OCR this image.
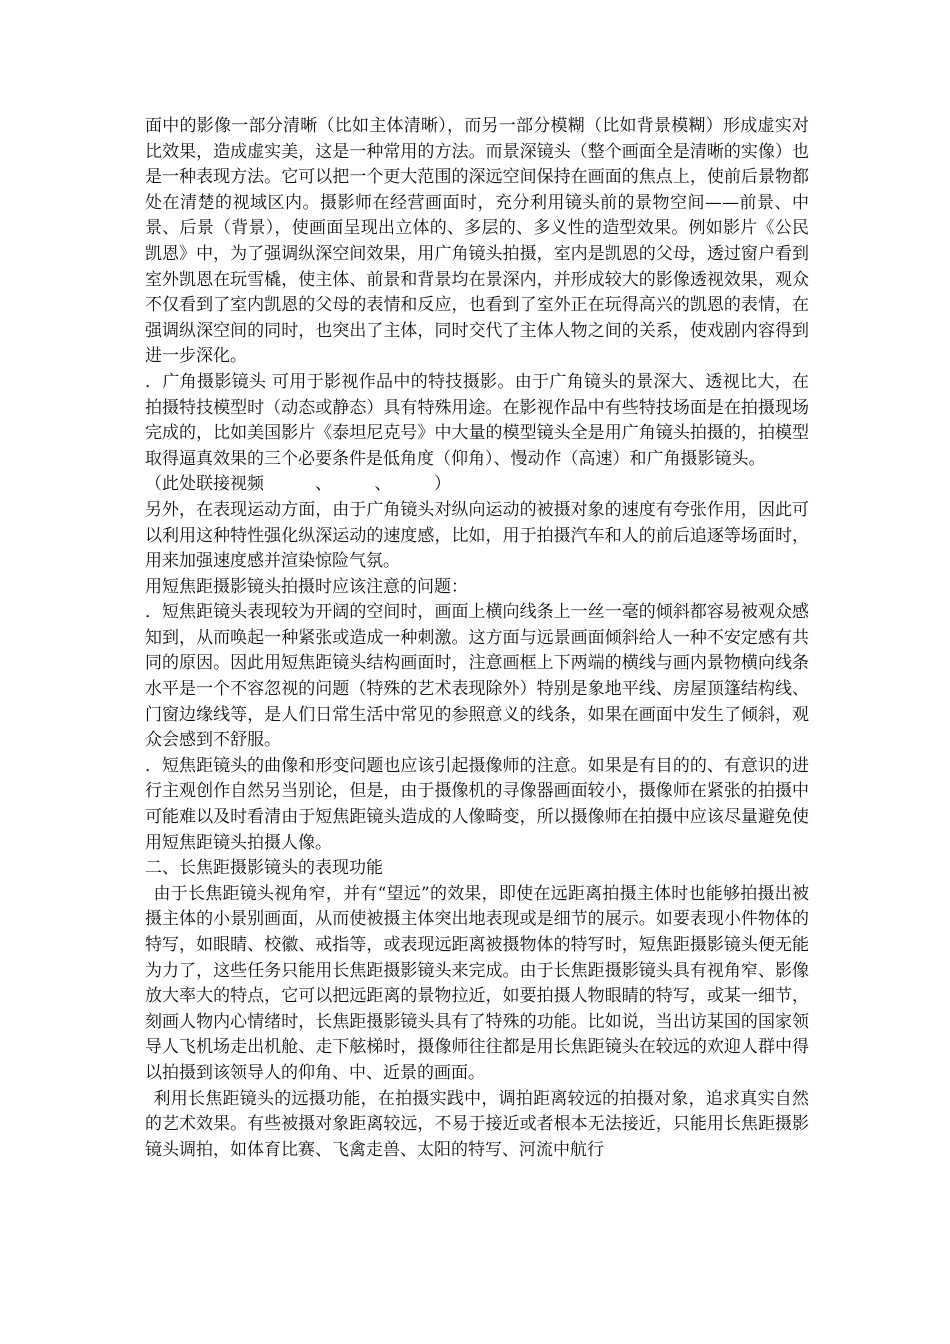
面中的影像一部分清晰（比如主体清晰），而另一部分模糊（比如背景模糊）形成虚实对比效果，造成虚实美，这是一种常用的方法。而景深镜头（整个画面全是清晰的实像）也是一种表现方法。它可以把一个更大范围的深远空间保持在画面的焦点上，使前后景物都处在清楚的视域区内。摄影师在经营画面时，充分利用镜头前的景物空间——前景、中景、后景（背景），使画面呈现出立体的、多层的、多义性的造型效果。例如影片《公民凯恩》中，为了强调纵深空间效果，用广角镜头拍摄，室内是凯恩的父母，透过窗户看到室外凯恩在玩雪橇，使主体、前景和背景均在景深内，并形成较大的影像透视效果，观众不仅看到了室内凯恩的父母的表情和反应，也看到了室外正在玩得高兴的凯恩的表情，在强调纵深空间的同时，也突出了主体，同时交代了主体人物之间的关系，使戏剧内容得到进一步深化。

．广角摄影镜头 可用于影视作品中的特技摄影。由于广角镜头的景深大、透视比大，在拍摄特技模型时（动态或静态）具有特殊用途。在影视作品中有些特技场面是在拍摄现场完成的，比如美国影片《泰坦尼克号》中大量的模型镜头全是用广角镜头拍摄的，拍模型取得逼真效果的三个必要条件是低角度（仰角）、慢动作（高速）和广角摄影镜头。

（此处联接视频　　　、　　　、　　　）

另外，在表现运动方面，由于广角镜头对纵向运动的被摄对象的速度有夸张作用，因此可以利用这种特性强化纵深运动的速度感，比如，用于拍摄汽车和人的前后追逐等场面时，用来加强速度感并渲染惊险气氛。

用短焦距摄影镜头拍摄时应该注意的问题：

．短焦距镜头表现较为开阔的空间时，画面上横向线条上一丝一毫的倾斜都容易被观众感知到，从而唤起一种紧张或造成一种刺激。这方面与远景画面倾斜给人一种不安定感有共同的原因。因此用短焦距镜头结构画面时，注意画框上下两端的横线与画内景物横向线条水平是一个不容忽视的问题（特殊的艺术表现除外）特别是象地平线、房屋顶篷结构线、门窗边缘线等，是人们日常生活中常见的参照意义的线条，如果在画面中发生了倾斜，观众会感到不舒服。

．短焦距镜头的曲像和形变问题也应该引起摄像师的注意。如果是有目的的、有意识的进行主观创作自然另当别论，但是，由于摄像机的寻像器画面较小，摄像师在紧张的拍摄中可能难以及时看清由于短焦距镜头造成的人像畸变，所以摄像师在拍摄中应该尽量避免使用短焦距镜头拍摄人像。

二、长焦距摄影镜头的表现功能

由于长焦距镜头视角窄，并有“望远”的效果，即使在远距离拍摄主体时也能够拍摄出被摄主体的小景别画面，从而使被摄主体突出地表现或是细节的展示。如要表现小件物体的特写，如眼睛、校徽、戒指等，或表现远距离被摄物体的特写时，短焦距摄影镜头便无能为力了，这些任务只能用长焦距摄影镜头来完成。由于长焦距摄影镜头具有视角窄、影像放大率大的特点，它可以把远距离的景物拉近，如要拍摄人物眼睛的特写，或某一细节，刻画人物内心情绪时，长焦距摄影镜头具有了特殊的功能。比如说，当出访某国的国家领导人飞机场走出机舱、走下舷梯时，摄像师往往都是用长焦距镜头在较远的欢迎人群中得以拍摄到该领导人的仰角、中、近景的画面。

利用长焦距镜头的远摄功能，在拍摄实践中，调拍距离较远的拍摄对象，追求真实自然的艺术效果。有些被摄对象距离较远，不易于接近或者根本无法接近，只能用长焦距摄影镜头调拍，如体育比赛、飞禽走兽、太阳的特写、河流中航行
